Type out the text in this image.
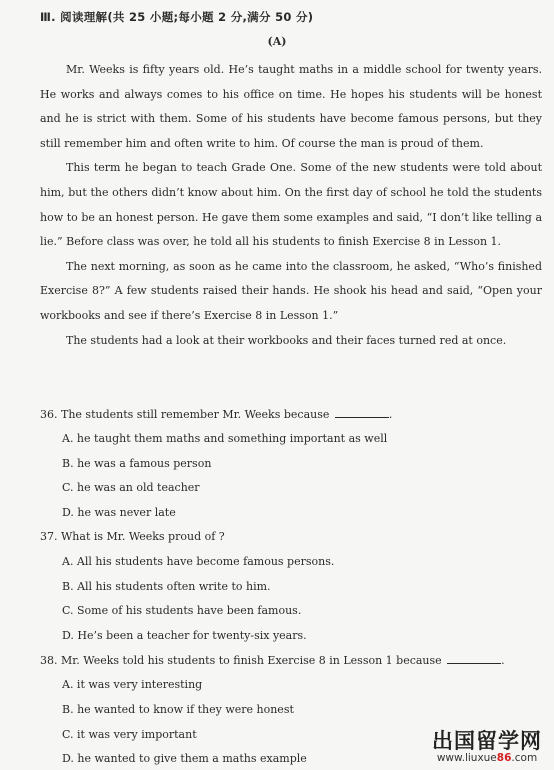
Ⅲ. 阅读理解(共 25 小题;每小题 2 分,满分 50 分)
(A)

Mr. Weeks is fifty years old. He’s taught maths in a middle school for twenty years. He works and always comes to his office on time. He hopes his students will be honest and he is strict with them. Some of his students have become famous persons, but they still remember him and often write to him. Of course the man is proud of them.

This term he began to teach Grade One. Some of the new students were told about him, but the others didn’t know about him. On the first day of school he told the students how to be an honest person. He gave them some examples and said, “I don’t like telling a lie.” Before class was over, he told all his students to finish Exercise 8 in Lesson 1.

The next morning, as soon as he came into the classroom, he asked, “Who’s finished Exercise 8?” A few students raised their hands. He shook his head and said, “Open your workbooks and see if there’s Exercise 8 in Lesson 1.”

The students had a look at their workbooks and their faces turned red at once.

36. The students still remember Mr. Weeks because	.
A. he taught them maths and something important as well
B. he was a famous person
C. he was an old teacher
D. he was never late
37. What is Mr. Weeks proud of ?
A. All his students have become famous persons.
B. All his students often write to him.
C. Some of his students have been famous.
D. He’s been a teacher for twenty-six years.
38. Mr. Weeks told his students to finish Exercise 8 in Lesson 1 because	.
A. it was very interesting
B. he wanted to know if they were honest
C. it was very important
D. he wanted to give them a maths example
出国留学网
www.liuxue86.com
